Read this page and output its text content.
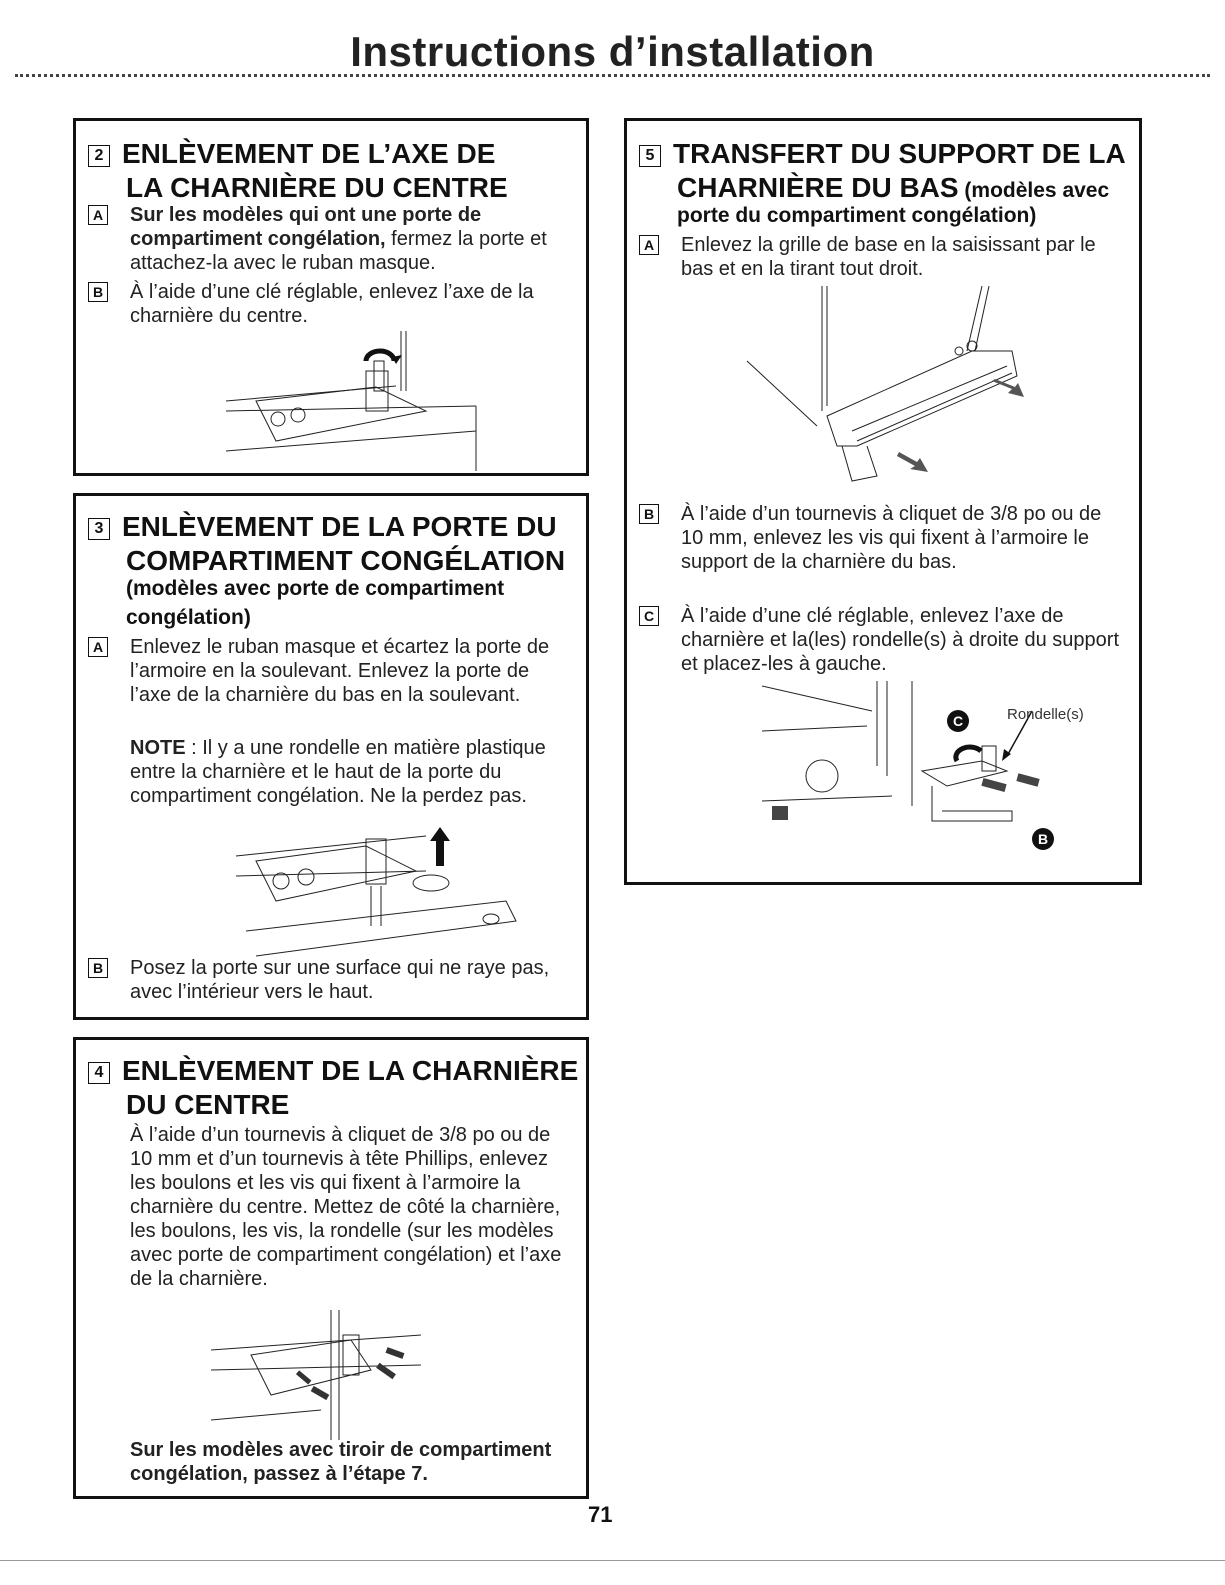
Instructions d’installation
2 ENLÈVEMENT DE L’AXE DE
LA CHARNIÈRE DU CENTRE
A Sur les modèles qui ont une porte de compartiment congélation, fermez la porte et attachez-la avec le ruban masque.
B À l’aide d’une clé réglable, enlevez l’axe de la charnière du centre.
3 ENLÈVEMENT DE LA PORTE DU
COMPARTIMENT CONGÉLATION
(modèles avec porte de compartiment congélation)
A Enlevez le ruban masque et écartez la porte de l’armoire en la soulevant. Enlevez la porte de l’axe de la charnière du bas en la soulevant.
NOTE : Il y a une rondelle en matière plastique entre la charnière et le haut de la porte du compartiment congélation. Ne la perdez pas.
B Posez la porte sur une surface qui ne raye pas, avec l’intérieur vers le haut.
4 ENLÈVEMENT DE LA CHARNIÈRE
DU CENTRE
À l’aide d’un tournevis à cliquet de 3/8 po ou de 10 mm et d’un tournevis à tête Phillips, enlevez les boulons et les vis qui fixent à l’armoire la charnière du centre. Mettez de côté la charnière, les boulons, les vis, la rondelle (sur les modèles avec porte de compartiment congélation) et l’axe de la charnière.
Sur les modèles avec tiroir de compartiment congélation, passez à l’étape 7.
5 TRANSFERT DU SUPPORT DE LA
CHARNIÈRE DU BAS (modèles avec
porte du compartiment congélation)
A Enlevez la grille de base en la saisissant par le bas et en la tirant tout droit.
B À l’aide d’un tournevis à cliquet de 3/8 po ou de 10 mm, enlevez les vis qui fixent à l’armoire le support de la charnière du bas.
C À l’aide d’une clé réglable, enlevez l’axe de charnière et la(les) rondelle(s) à droite du support et placez-les à gauche.
Rondelle(s)
C
B
71
